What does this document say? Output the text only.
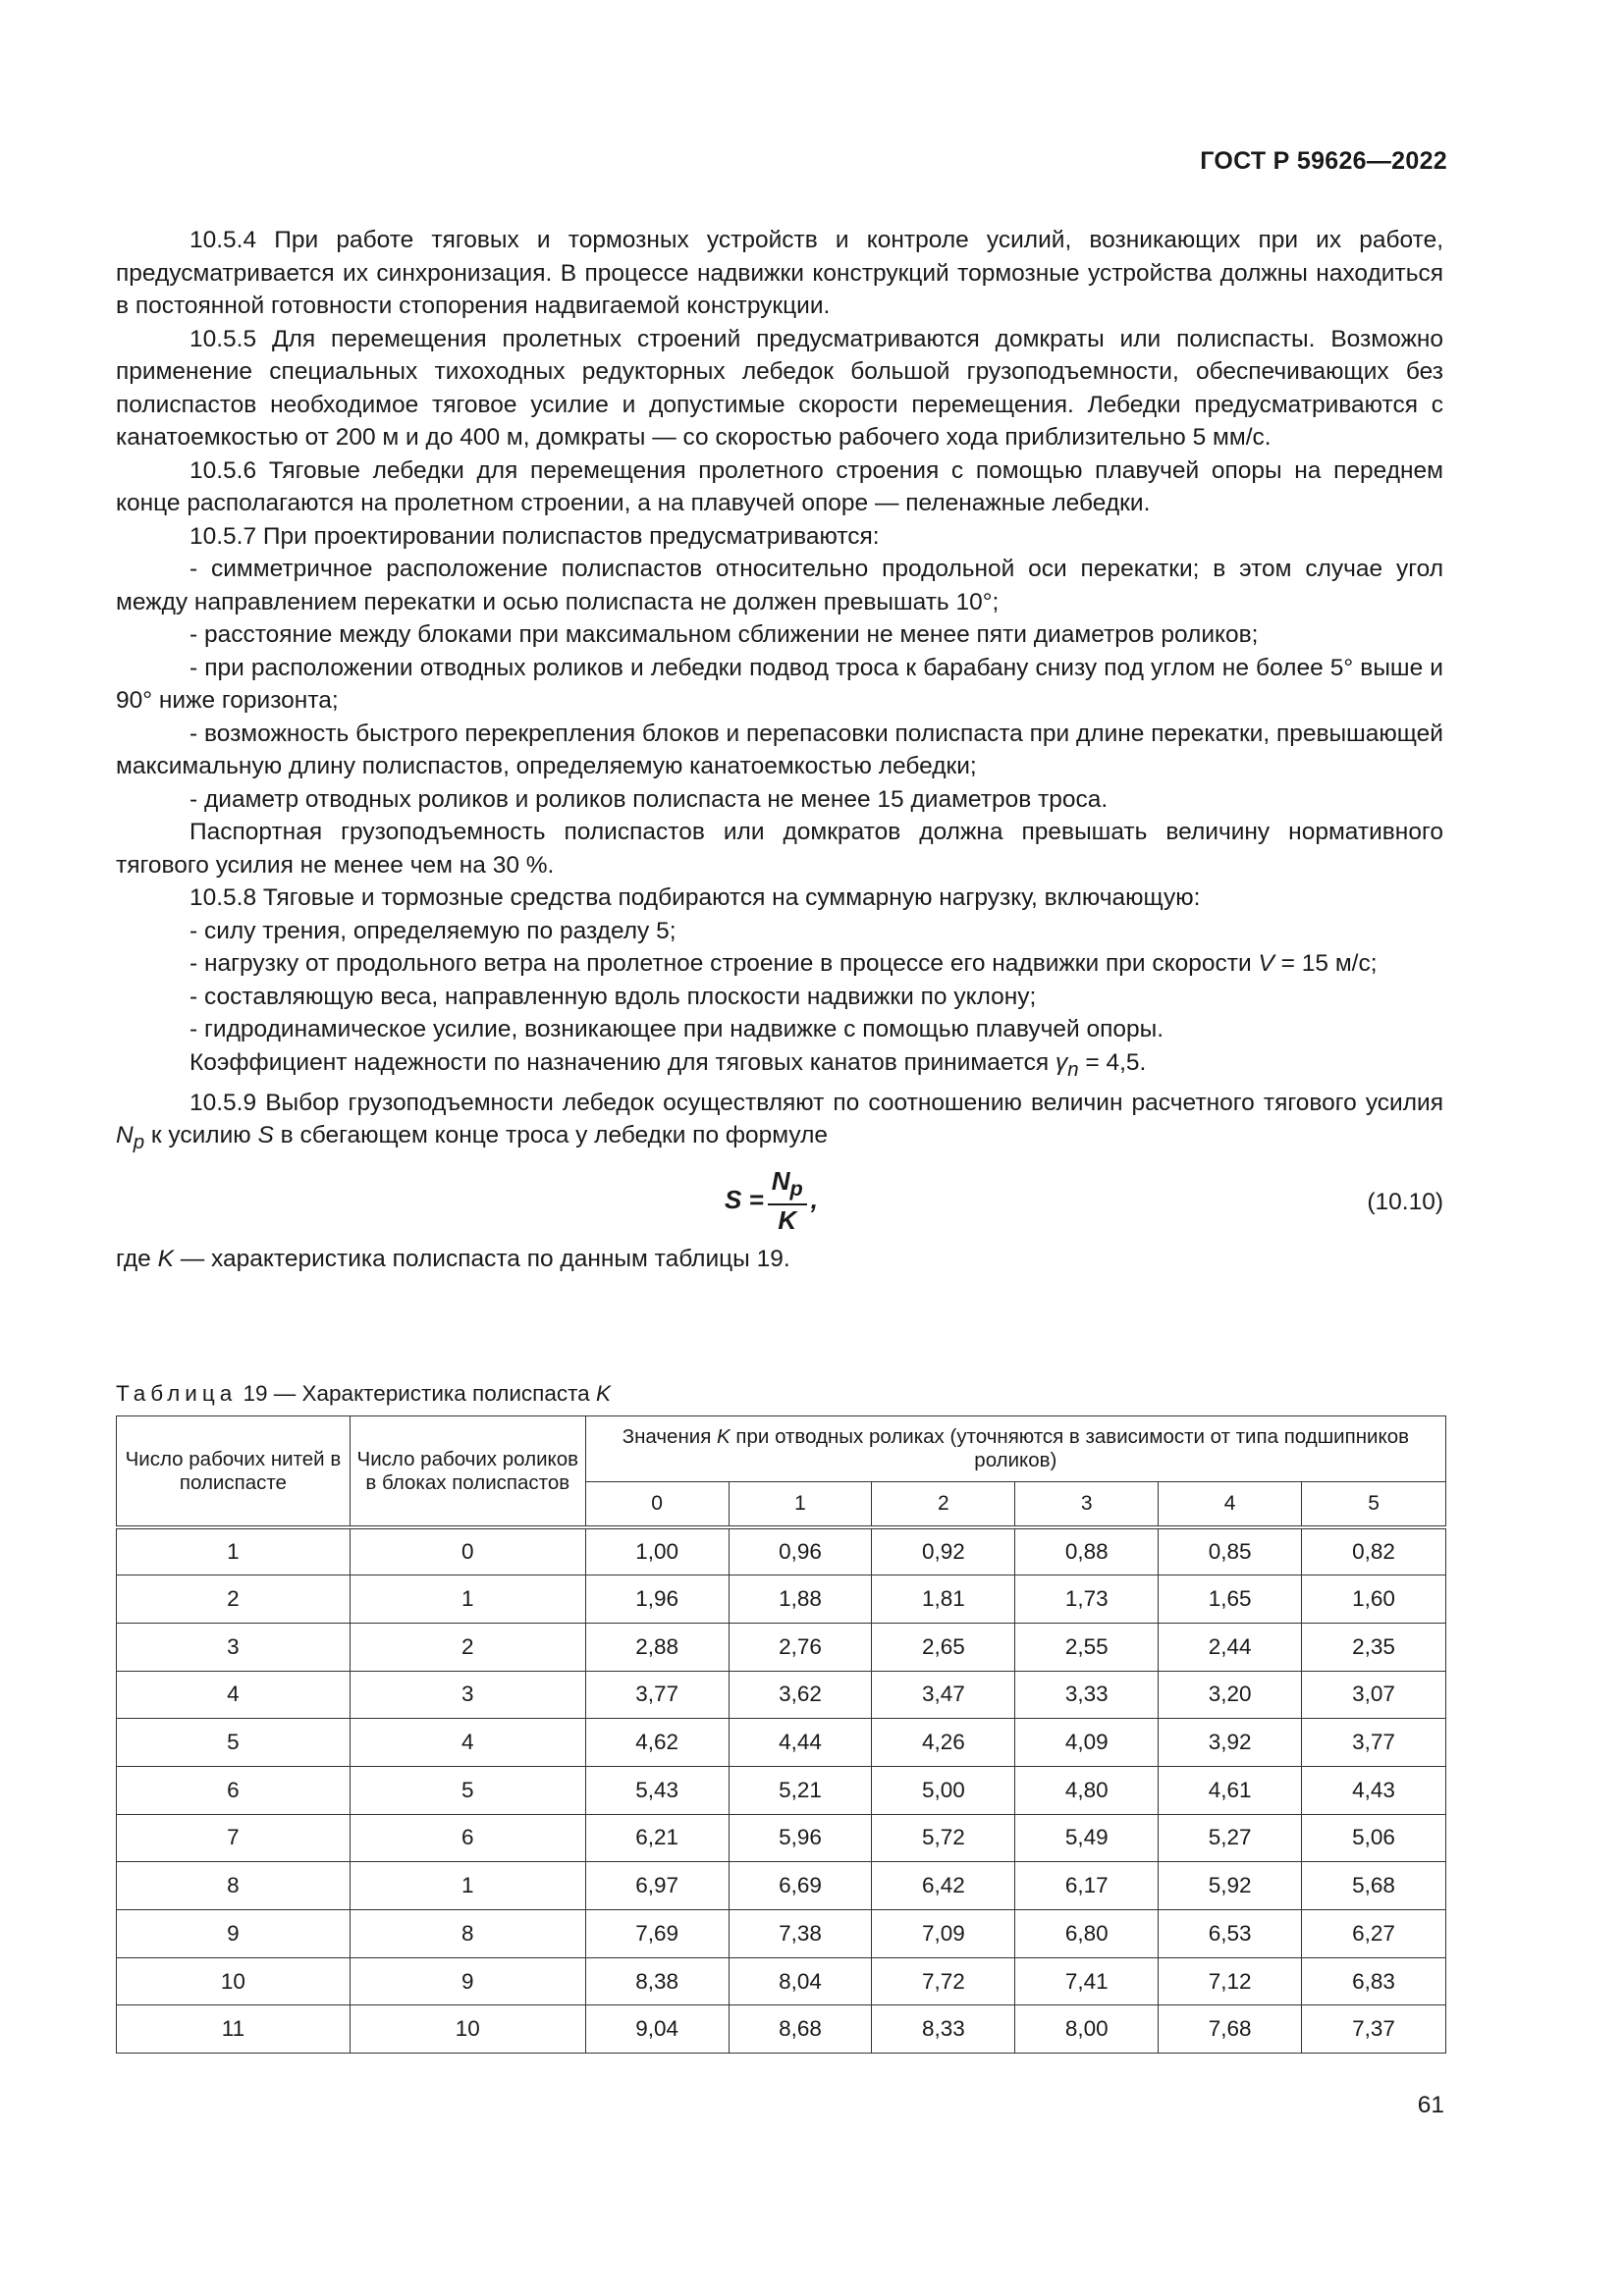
ГОСТ Р 59626—2022

10.5.4 При работе тяговых и тормозных устройств и контроле усилий, возникающих при их работе, предусматривается их синхронизация. В процессе надвижки конструкций тормозные устройства должны находиться в постоянной готовности стопорения надвигаемой конструкции.

10.5.5 Для перемещения пролетных строений предусматриваются домкраты или полиспасты. Возможно применение специальных тихоходных редукторных лебедок большой грузоподъемности, обеспечивающих без полиспастов необходимое тяговое усилие и допустимые скорости перемещения. Лебедки предусматриваются с канатоемкостью от 200 м и до 400 м, домкраты — со скоростью рабочего хода приблизительно 5 мм/с.

10.5.6 Тяговые лебедки для перемещения пролетного строения с помощью плавучей опоры на переднем конце располагаются на пролетном строении, а на плавучей опоре — пеленажные лебедки.

10.5.7 При проектировании полиспастов предусматриваются:

- симметричное расположение полиспастов относительно продольной оси перекатки; в этом случае угол между направлением перекатки и осью полиспаста не должен превышать 10°;

- расстояние между блоками при максимальном сближении не менее пяти диаметров роликов;

- при расположении отводных роликов и лебедки подвод троса к барабану снизу под углом не более 5° выше и 90° ниже горизонта;

- возможность быстрого перекрепления блоков и перепасовки полиспаста при длине перекатки, превышающей максимальную длину полиспастов, определяемую канатоемкостью лебедки;

- диаметр отводных роликов и роликов полиспаста не менее 15 диаметров троса.

Паспортная грузоподъемность полиспастов или домкратов должна превышать величину нормативного тягового усилия не менее чем на 30 %.

10.5.8 Тяговые и тормозные средства подбираются на суммарную нагрузку, включающую:

- силу трения, определяемую по разделу 5;

- нагрузку от продольного ветра на пролетное строение в процессе его надвижки при скорости V = 15 м/с;

- составляющую веса, направленную вдоль плоскости надвижки по уклону;

- гидродинамическое усилие, возникающее при надвижке с помощью плавучей опоры.

Коэффициент надежности по назначению для тяговых канатов принимается $\gamma_n = 4,5$.

10.5.9 Выбор грузоподъемности лебедок осуществляют по соотношению величин расчетного тягового усилия $N_p$ к усилию S в сбегающем конце троса у лебедки по формуле

$S = \frac{N_p}{K}$ ,	(10.10)

где K — характеристика полиспаста по данным таблицы 19.

Таблица 19 — Характеристика полиспаста K
Число рабочих нитей в полиспасте	Число рабочих роликов в блоках полиспастов	Значения K при отводных роликах (уточняются в зависимости от типа подшипников роликов)					
		0	1	2	3	4	5
1	0	1,00	0,96	0,92	0,88	0,85	0,82
2	1	1,96	1,88	1,81	1,73	1,65	1,60
3	2	2,88	2,76	2,65	2,55	2,44	2,35
4	3	3,77	3,62	3,47	3,33	3,20	3,07
5	4	4,62	4,44	4,26	4,09	3,92	3,77
6	5	5,43	5,21	5,00	4,80	4,61	4,43
7	6	6,21	5,96	5,72	5,49	5,27	5,06
8	1	6,97	6,69	6,42	6,17	5,92	5,68
9	8	7,69	7,38	7,09	6,80	6,53	6,27
10	9	8,38	8,04	7,72	7,41	7,12	6,83
11	10	9,04	8,68	8,33	8,00	7,68	7,37
61
